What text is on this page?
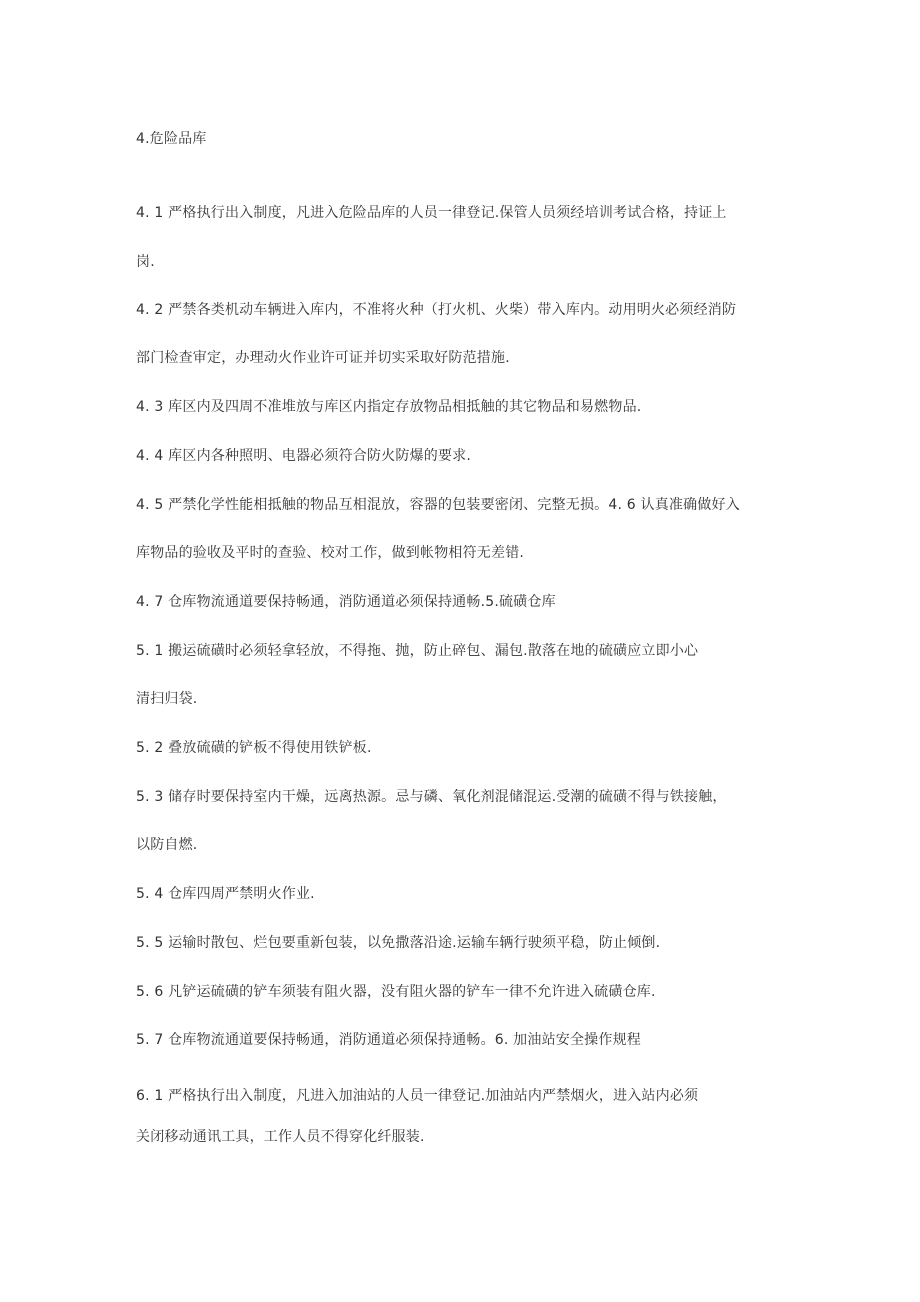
4.危险品库

4. 1 严格执行出入制度，凡进入危险品库的人员一律登记.保管人员须经培训考试合格，持证上

岗.

4. 2 严禁各类机动车辆进入库内，不准将火种（打火机、火柴）带入库内。动用明火必须经消防

部门检查审定，办理动火作业许可证并切实采取好防范措施.

4. 3 库区内及四周不准堆放与库区内指定存放物品相抵触的其它物品和易燃物品.

4. 4 库区内各种照明、电器必须符合防火防爆的要求.

4. 5 严禁化学性能相抵触的物品互相混放，容器的包装要密闭、完整无损。4. 6 认真准确做好入

库物品的验收及平时的查验、校对工作，做到帐物相符无差错.

4. 7 仓库物流通道要保持畅通，消防通道必须保持通畅.5.硫磺仓库

5. 1 搬运硫磺时必须轻拿轻放，不得拖、抛，防止碎包、漏包.散落在地的硫磺应立即小心

清扫归袋.

5. 2 叠放硫磺的铲板不得使用铁铲板.

5. 3 储存时要保持室内干燥，远离热源。忌与磷、氧化剂混储混运.受潮的硫磺不得与铁接触，

以防自燃.

5. 4 仓库四周严禁明火作业.

5. 5 运输时散包、烂包要重新包装，以免撒落沿途.运输车辆行驶须平稳，防止倾倒.

5. 6 凡铲运硫磺的铲车须装有阻火器，没有阻火器的铲车一律不允许进入硫磺仓库.

5. 7 仓库物流通道要保持畅通，消防通道必须保持通畅。6. 加油站安全操作规程

6. 1 严格执行出入制度，凡进入加油站的人员一律登记.加油站内严禁烟火，进入站内必须

关闭移动通讯工具，工作人员不得穿化纤服装.
